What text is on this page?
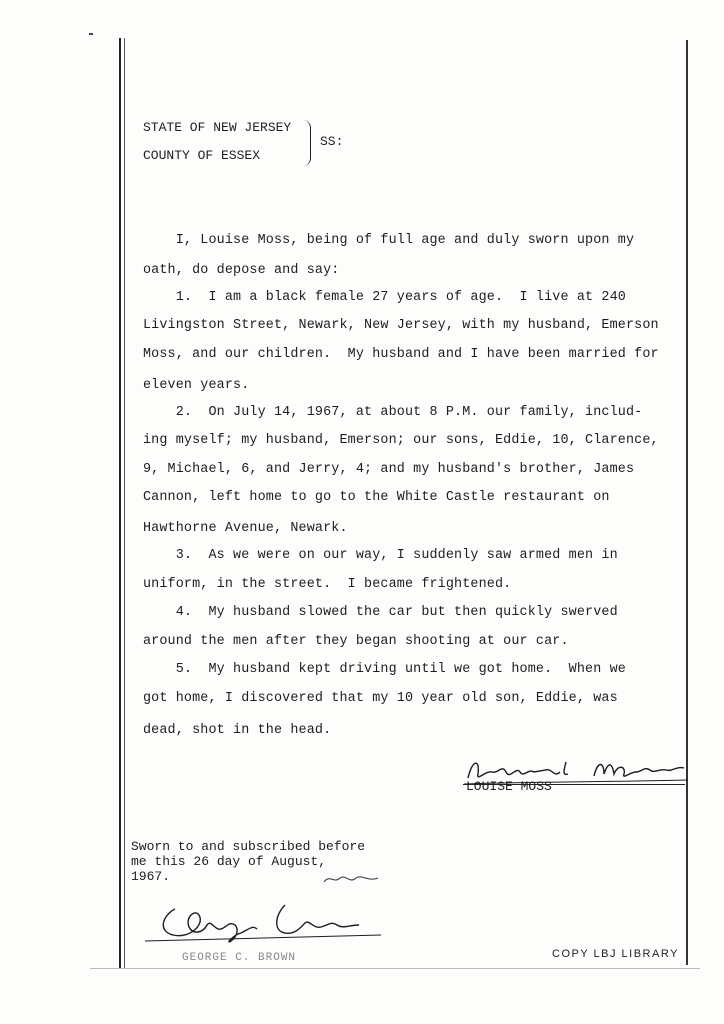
STATE OF NEW JERSEY
COUNTY OF ESSEX
SS:
I, Louise Moss, being of full age and duly sworn upon my
oath, do depose and say:
1.  I am a black female 27 years of age.  I live at 240
Livingston Street, Newark, New Jersey, with my husband, Emerson
Moss, and our children.  My husband and I have been married for
eleven years.
2.  On July 14, 1967, at about 8 P.M. our family, includ-
ing myself; my husband, Emerson; our sons, Eddie, 10, Clarence,
9, Michael, 6, and Jerry, 4; and my husband's brother, James
Cannon, left home to go to the White Castle restaurant on
Hawthorne Avenue, Newark.
3.  As we were on our way, I suddenly saw armed men in
uniform, in the street.  I became frightened.
4.  My husband slowed the car but then quickly swerved
around the men after they began shooting at our car.
5.  My husband kept driving until we got home.  When we
got home, I discovered that my 10 year old son, Eddie, was
dead, shot in the head.
LOUISE MOSS
Sworn to and subscribed before
me this 26 day of August,
1967.
GEORGE C. BROWN	COPY LBJ LIBRARY
